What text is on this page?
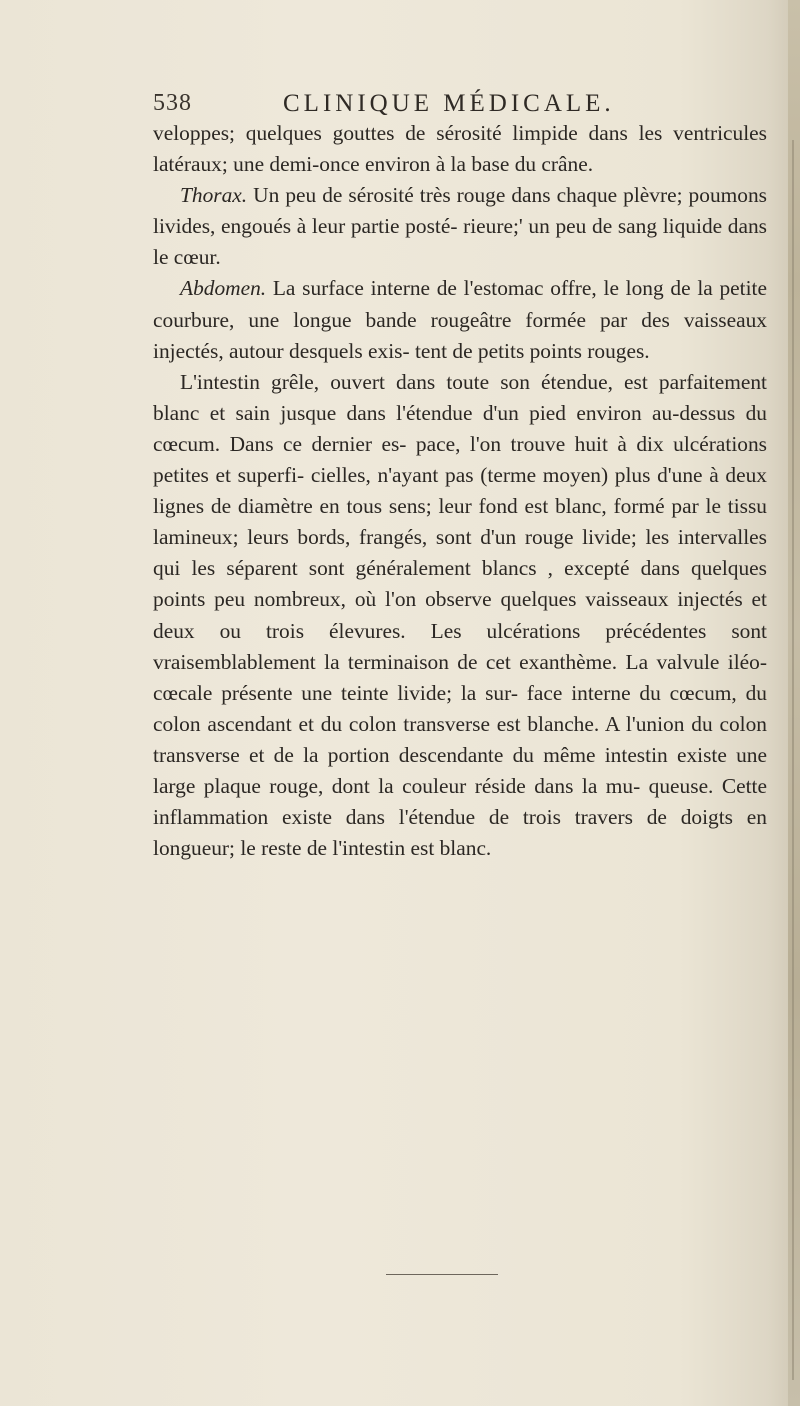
538	CLINIQUE MÉDICALE.

veloppes; quelques gouttes de sérosité limpide dans les ventricules latéraux; une demi-once environ à la base du crâne.

Thorax. Un peu de sérosité très rouge dans chaque plèvre; poumons livides, engoués à leur partie posté- rieure;' un peu de sang liquide dans le cœur.

Abdomen. La surface interne de l'estomac offre, le long de la petite courbure, une longue bande rougeâtre formée par des vaisseaux injectés, autour desquels exis- tent de petits points rouges.

L'intestin grêle, ouvert dans toute son étendue, est parfaitement blanc et sain jusque dans l'étendue d'un pied environ au-dessus du cœcum. Dans ce dernier es- pace, l'on trouve huit à dix ulcérations petites et superfi- cielles, n'ayant pas (terme moyen) plus d'une à deux lignes de diamètre en tous sens; leur fond est blanc, formé par le tissu lamineux; leurs bords, frangés, sont d'un rouge livide; les intervalles qui les séparent sont généralement blancs , excepté dans quelques points peu nombreux, où l'on observe quelques vaisseaux injectés et deux ou trois élevures. Les ulcérations précédentes sont vraisemblablement la terminaison de cet exanthème. La valvule iléo-cœcale présente une teinte livide; la sur- face interne du cœcum, du colon ascendant et du colon transverse est blanche. A l'union du colon transverse et de la portion descendante du même intestin existe une large plaque rouge, dont la couleur réside dans la mu- queuse. Cette inflammation existe dans l'étendue de trois travers de doigts en longueur; le reste de l'intestin est blanc.
